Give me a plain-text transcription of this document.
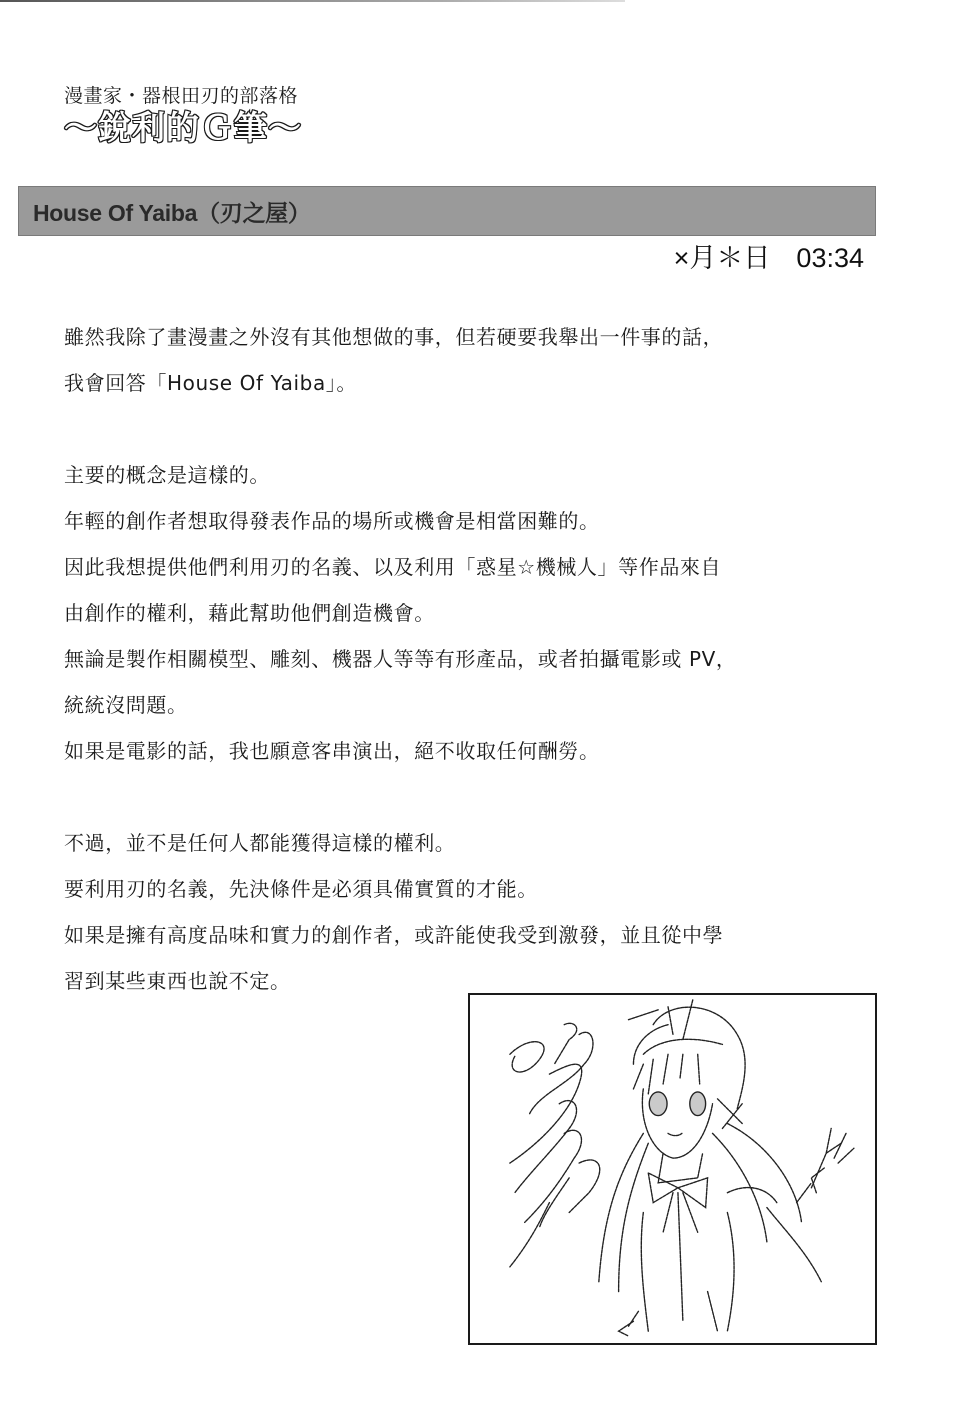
漫畫家・器根田刃的部落格
～銳利的Ｇ筆～
House Of Yaiba（刃之屋）
×月＊日 03:34
雖然我除了畫漫畫之外沒有其他想做的事，但若硬要我舉出一件事的話，
我會回答「House Of Yaiba」。
主要的概念是這樣的。
年輕的創作者想取得發表作品的場所或機會是相當困難的。
因此我想提供他們利用刃的名義、以及利用「惑星☆機械人」等作品來自
由創作的權利，藉此幫助他們創造機會。
無論是製作相關模型、雕刻、機器人等等有形產品，或者拍攝電影或 PV，
統統沒問題。
如果是電影的話，我也願意客串演出，絕不收取任何酬勞。
不過，並不是任何人都能獲得這樣的權利。
要利用刃的名義，先決條件是必須具備實質的才能。
如果是擁有高度品味和實力的創作者，或許能使我受到激發，並且從中學
習到某些東西也說不定。
